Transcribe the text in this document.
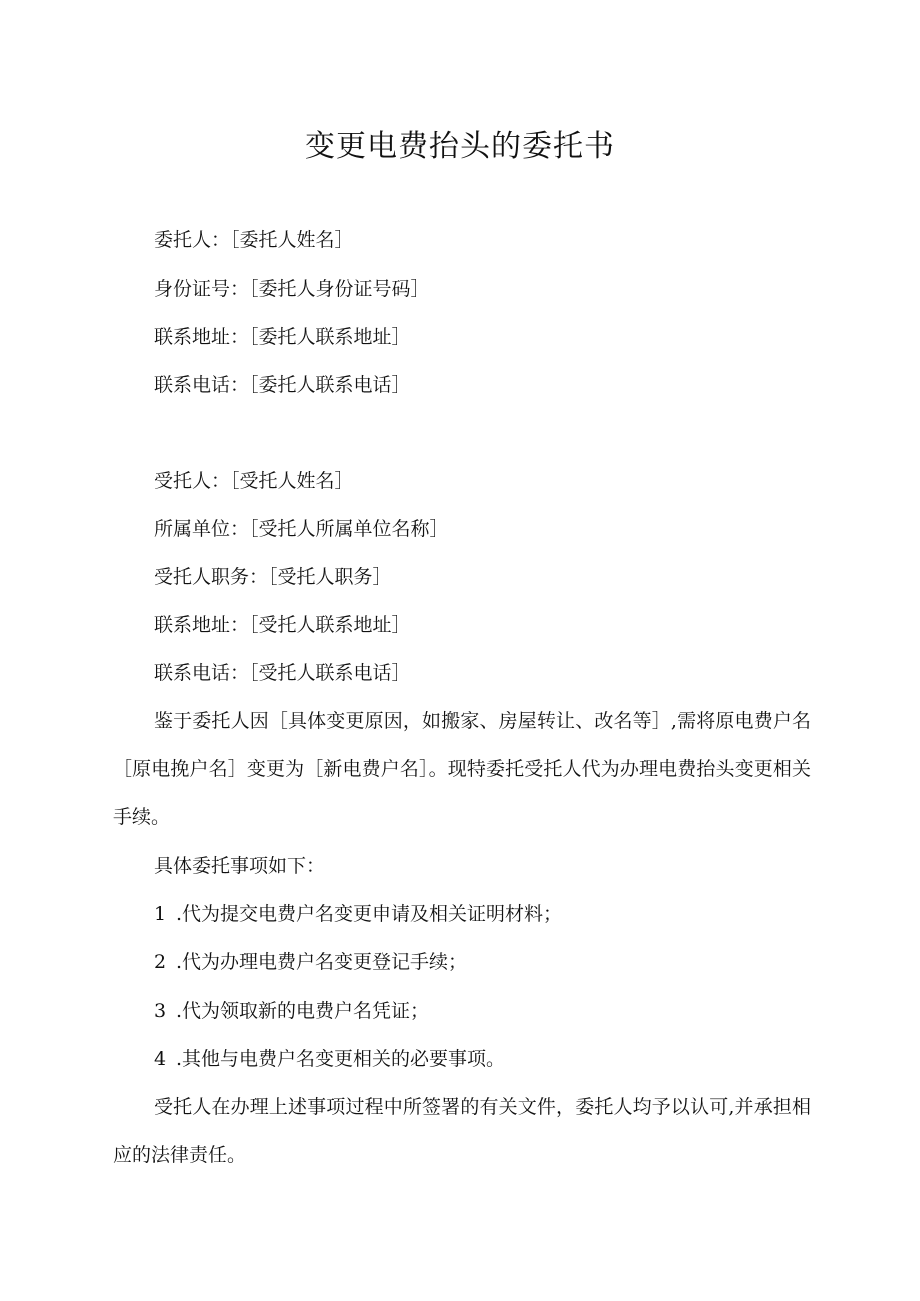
变更电费抬头的委托书

委托人：［委托人姓名］

身份证号：［委托人身份证号码］

联系地址：［委托人联系地址］

联系电话：［委托人联系电话］

受托人：［受托人姓名］

所属单位：［受托人所属单位名称］

受托人职务：［受托人职务］

联系地址：［受托人联系地址］

联系电话：［受托人联系电话］

鉴于委托人因［具体变更原因，如搬家、房屋转让、改名等］,需将原电费户名［原电挽户名］变更为［新电费户名］。现特委托受托人代为办理电费抬头变更相关手续。

具体委托事项如下：

1 .代为提交电费户名变更申请及相关证明材料；

2 .代为办理电费户名变更登记手续；

3 .代为领取新的电费户名凭证；

4 .其他与电费户名变更相关的必要事项。

受托人在办理上述事项过程中所签署的有关文件，委托人均予以认可,并承担相应的法律责任。
